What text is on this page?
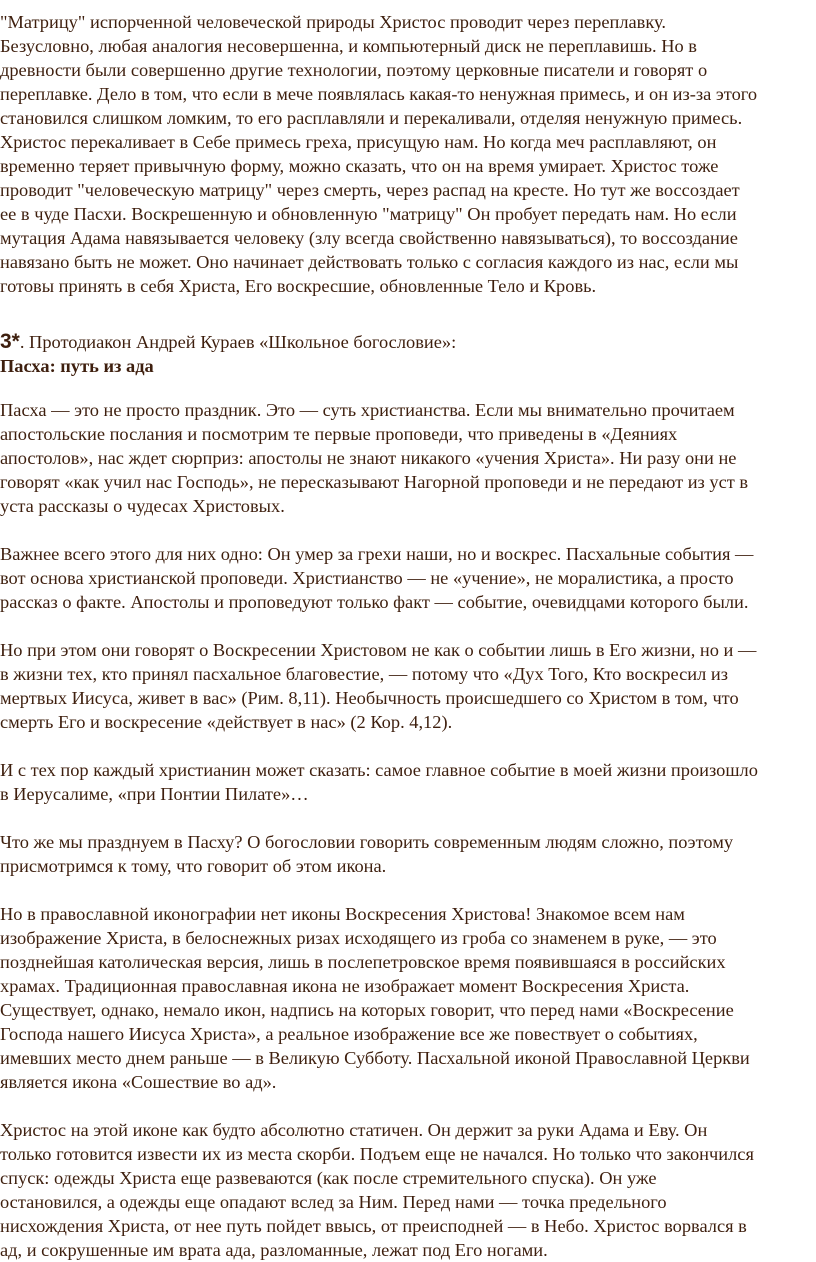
"Матрицу" испорченной человеческой природы Христос проводит через переплавку.
Безусловно, любая аналогия несовершенна, и компьютерный диск не переплавишь. Но в
древности были совершенно другие технологии, поэтому церковные писатели и говорят о
переплавке. Дело в том, что если в мече появлялась какая-то ненужная примесь, и он из-за этого
становился слишком ломким, то его расплавляли и перекаливали, отделяя ненужную примесь.
Христос перекаливает в Себе примесь греха, присущую нам. Но когда меч расплавляют, он
временно теряет привычную форму, можно сказать, что он на время умирает. Христос тоже
проводит "человеческую матрицу" через смерть, через распад на кресте. Но тут же воссоздает
ее в чуде Пасхи. Воскрешенную и обновленную "матрицу" Он пробует передать нам. Но если
мутация Адама навязывается человеку (злу всегда свойственно навязываться), то воссоздание
навязано быть не может. Оно начинает действовать только с согласия каждого из нас, если мы
готовы принять в себя Христа, Его воскресшие, обновленные Тело и Кровь.
3*. Протодиакон Андрей Кураев «Школьное богословие»:
Пасха: путь из ада
Пасха — это не просто праздник. Это — суть христианства. Если мы внимательно прочитаем
апостольские послания и посмотрим те первые проповеди, что приведены в «Деяниях
апостолов», нас ждет сюрприз: апостолы не знают никакого «учения Христа». Ни разу они не
говорят «как учил нас Господь», не пересказывают Нагорной проповеди и не передают из уст в
уста рассказы о чудесах Христовых.
Важнее всего этого для них одно: Он умер за грехи наши, но и воскрес. Пасхальные события —
вот основа христианской проповеди. Христианство — не «учение», не моралистика, а просто
рассказ о факте. Апостолы и проповедуют только факт — событие, очевидцами которого были.
Но при этом они говорят о Воскресении Христовом не как о событии лишь в Его жизни, но и —
в жизни тех, кто принял пасхальное благовестие, — потому что «Дух Того, Кто воскресил из
мертвых Иисуса, живет в вас» (Рим. 8,11). Необычность происшедшего со Христом в том, что
смерть Его и воскресение «действует в нас» (2 Кор. 4,12).
И с тех пор каждый христианин может сказать: самое главное событие в моей жизни произошло
в Иерусалиме, «при Понтии Пилате»…
Что же мы празднуем в Пасху? О богословии говорить современным людям сложно, поэтому
присмотримся к тому, что говорит об этом икона.
Но в православной иконографии нет иконы Воскресения Христова! Знакомое всем нам
изображение Христа, в белоснежных ризах исходящего из гроба со знаменем в руке, — это
позднейшая католическая версия, лишь в послепетровское время появившаяся в российских
храмах. Традиционная православная икона не изображает момент Воскресения Христа.
Существует, однако, немало икон, надпись на которых говорит, что перед нами «Воскресение
Господа нашего Иисуса Христа», а реальное изображение все же повествует о событиях,
имевших место днем раньше — в Великую Субботу. Пасхальной иконой Православной Церкви
является икона «Сошествие во ад».
Христос на этой иконе как будто абсолютно статичен. Он держит за руки Адама и Еву. Он
только готовится извести их из места скорби. Подъем еще не начался. Но только что закончился
спуск: одежды Христа еще развеваются (как после стремительного спуска). Он уже
остановился, а одежды еще опадают вслед за Ним. Перед нами — точка предельного
нисхождения Христа, от нее путь пойдет ввысь, от преисподней — в Небо. Христос ворвался в
ад, и сокрушенные им врата ада, разломанные, лежат под Его ногами.
